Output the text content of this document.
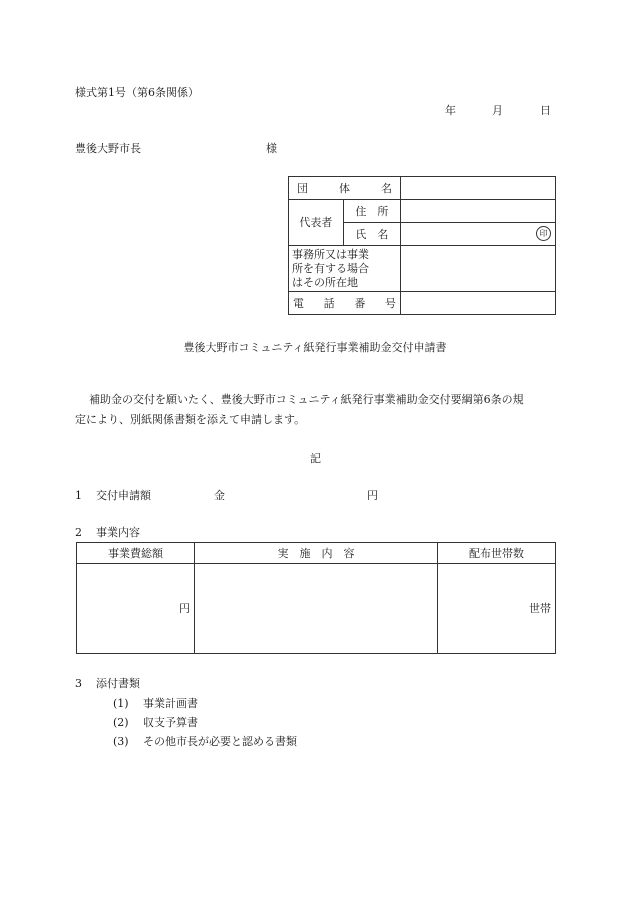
様式第1号（第6条関係）
年	月	日
豊後大野市長	様
団　体　名		

代表者	住　所	
	氏　名	印

事務所又は事業
所を有する場合
はその所在地		

電　話　番　号		

豊後大野市コミュニティ紙発行事業補助金交付申請書
補助金の交付を願いたく、豊後大野市コミュニティ紙発行事業補助金交付要綱第6条の規
定により、別紙関係書類を添えて申請します。
記
1 交付申請額	金	円
2 事業内容
事業費総額	実　施　内　容	配布世帯数
円		世帯
3 添付書類
(1) 事業計画書
(2) 収支予算書
(3) その他市長が必要と認める書類
